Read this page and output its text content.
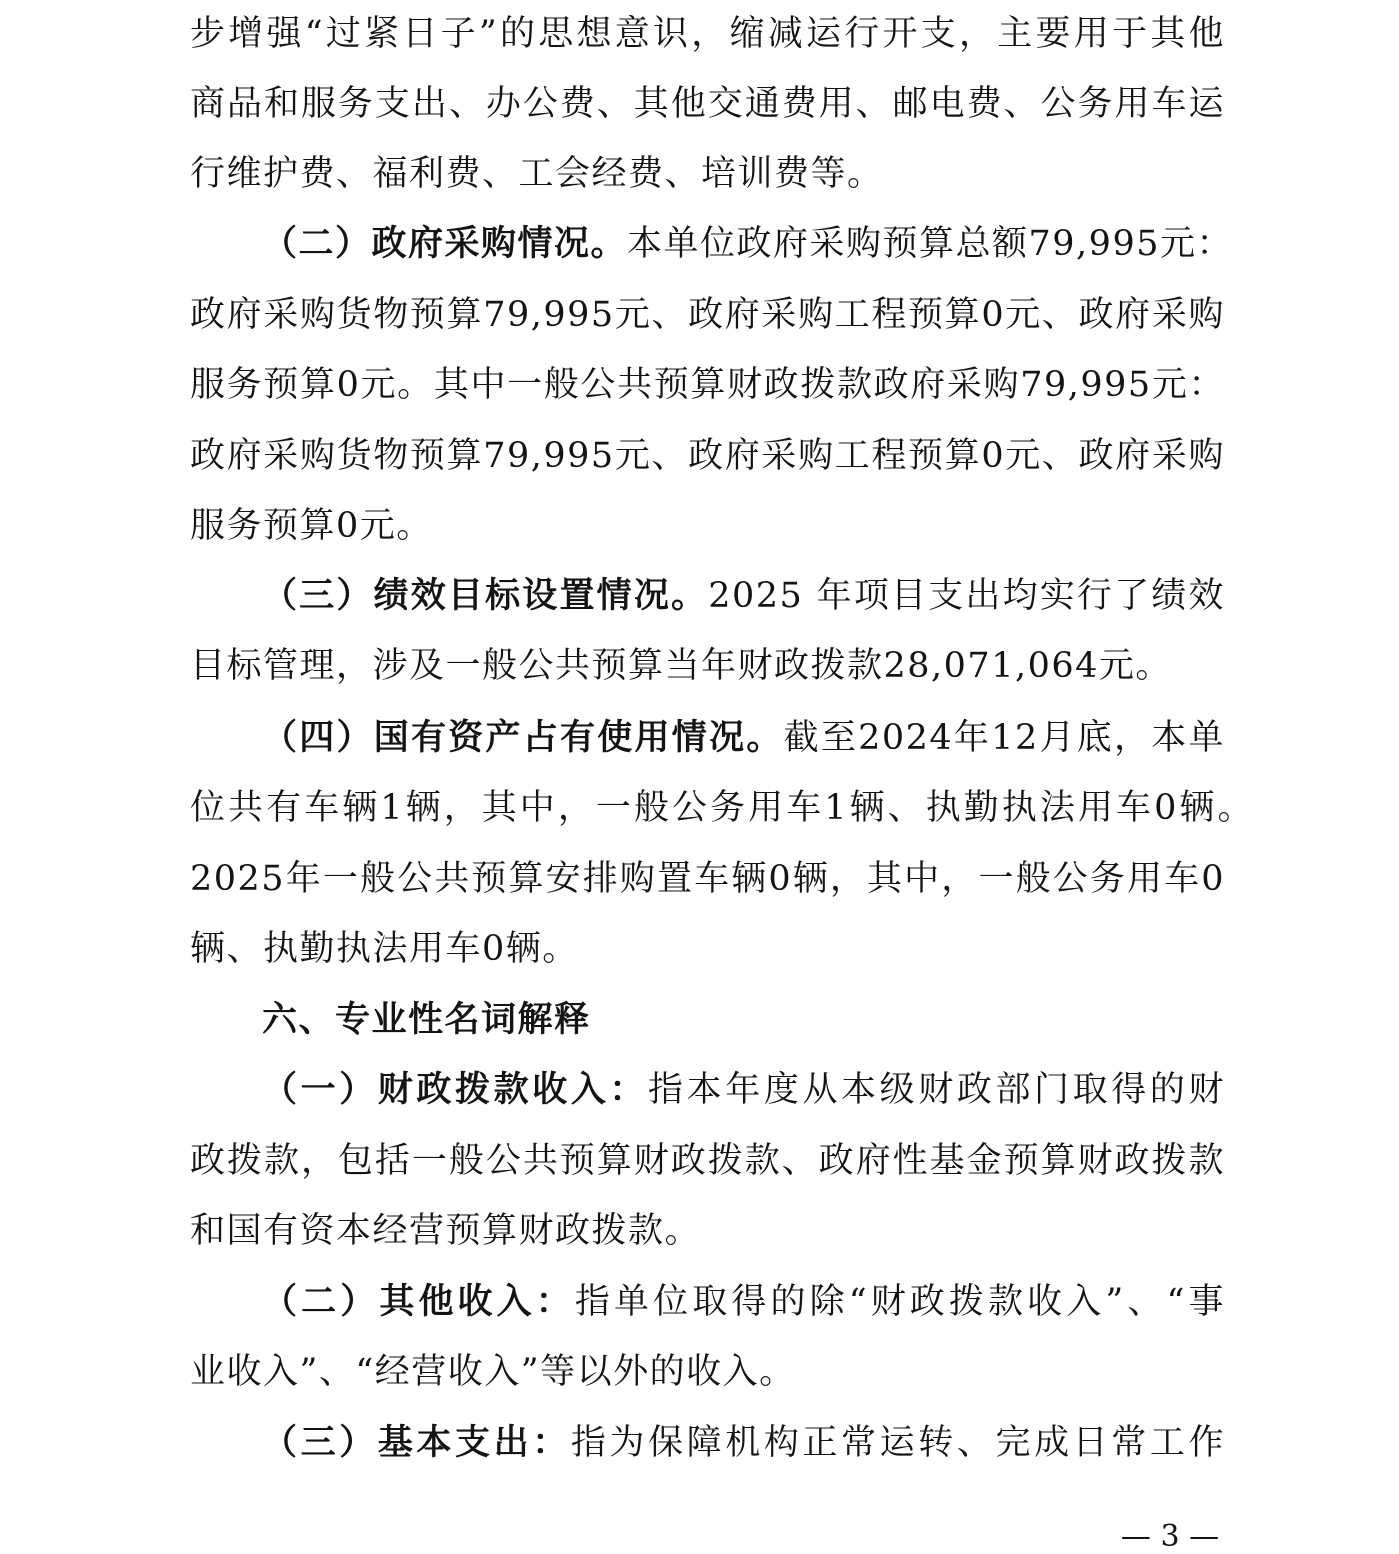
步增强“过紧日子”的思想意识，缩减运行开支，主要用于其他
商品和服务支出、办公费、其他交通费用、邮电费、公务用车运
行维护费、福利费、工会经费、培训费等。
（二）政府采购情况。本单位政府采购预算总额79,995元：
政府采购货物预算79,995元、政府采购工程预算0元、政府采购
服务预算0元。其中一般公共预算财政拨款政府采购79,995元：
政府采购货物预算79,995元、政府采购工程预算0元、政府采购
服务预算0元。
（三）绩效目标设置情况。2025 年项目支出均实行了绩效
目标管理，涉及一般公共预算当年财政拨款28,071,064元。
（四）国有资产占有使用情况。截至2024年12月底，本单
位共有车辆1辆，其中，一般公务用车1辆、执勤执法用车0辆。
2025年一般公共预算安排购置车辆0辆，其中，一般公务用车0
辆、执勤执法用车0辆。
六、专业性名词解释
（一）财政拨款收入：指本年度从本级财政部门取得的财
政拨款，包括一般公共预算财政拨款、政府性基金预算财政拨款
和国有资本经营预算财政拨款。
（二）其他收入：指单位取得的除“财政拨款收入”、“事
业收入”、“经营收入”等以外的收入。
（三）基本支出：指为保障机构正常运转、完成日常工作
— 3 —
